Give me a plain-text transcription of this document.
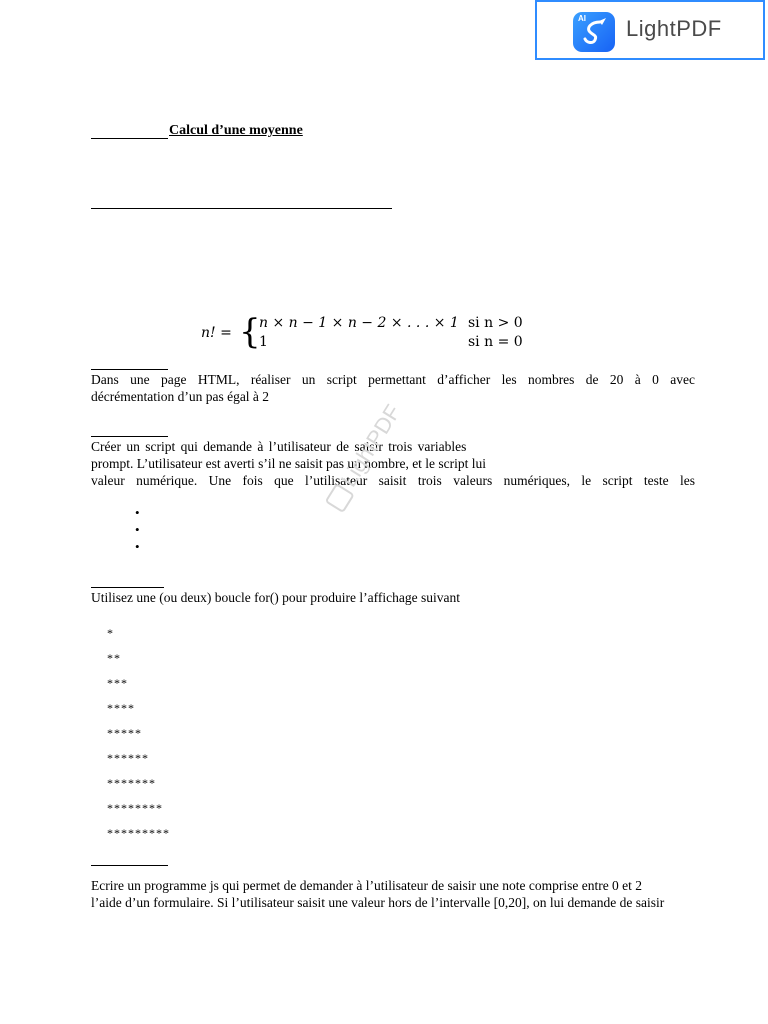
AI LightPDF
Calcul d’une moyenne
n! = {
n × n − 1 × n − 2 × . . . × 1 si n > 0
1	si n = 0
Dans une page HTML, réaliser un script permettant d’afficher les nombres de 20 à 0 avec
décrémentation d’un pas égal à 2
Créer un script qui demande à l’utilisateur de saisir trois variables
prompt. L’utilisateur est averti s’il ne saisit pas un nombre, et le script lui
valeur numérique. Une fois que l’utilisateur saisit trois valeurs numériques, le script teste les
•
•
•
LightPDF
Utilisez une (ou deux) boucle for() pour produire l’affichage suivant
*
**
***
****
*****
******
*******
********
*********
Ecrire un programme js qui permet de demander à l’utilisateur de saisir une note comprise entre 0 et 2
l’aide d’un formulaire. Si l’utilisateur saisit une valeur hors de l’intervalle [0,20], on lui demande de saisir
